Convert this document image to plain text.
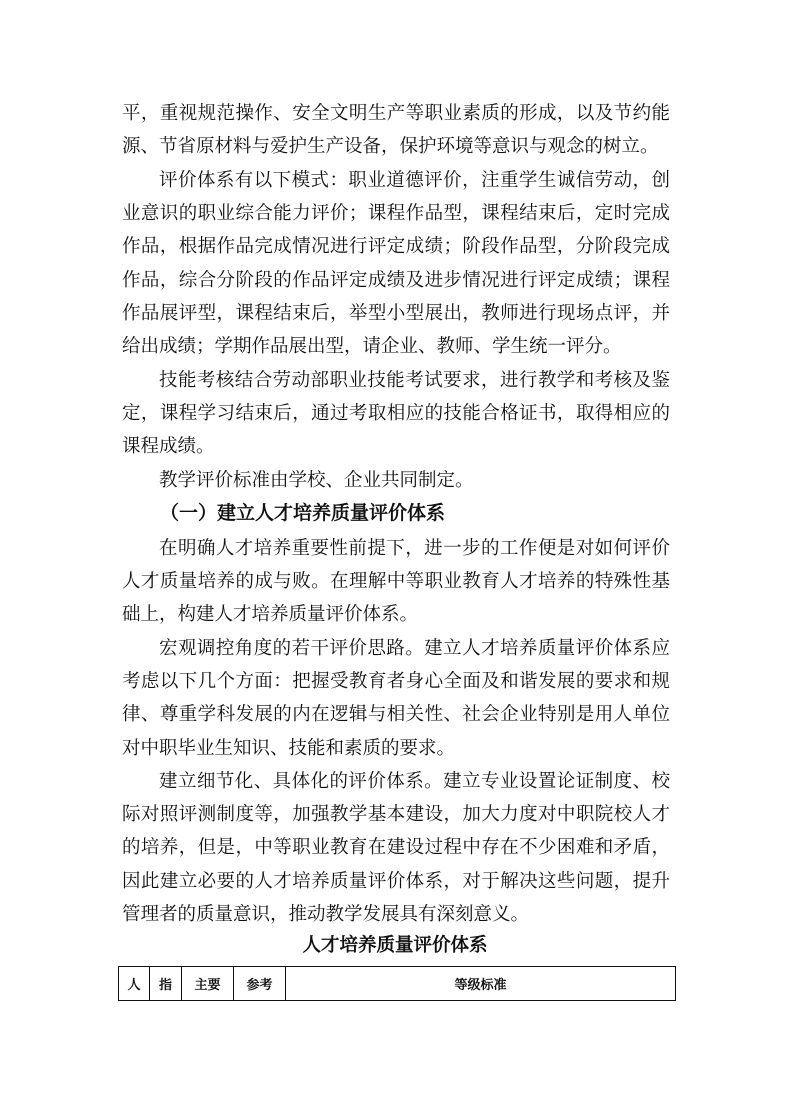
平，重视规范操作、安全文明生产等职业素质的形成，以及节约能源、节省原材料与爱护生产设备，保护环境等意识与观念的树立。

评价体系有以下模式：职业道德评价，注重学生诚信劳动，创业意识的职业综合能力评价；课程作品型，课程结束后，定时完成作品，根据作品完成情况进行评定成绩；阶段作品型，分阶段完成作品，综合分阶段的作品评定成绩及进步情况进行评定成绩；课程作品展评型，课程结束后，举型小型展出，教师进行现场点评，并给出成绩；学期作品展出型，请企业、教师、学生统一评分。

技能考核结合劳动部职业技能考试要求，进行教学和考核及鉴定，课程学习结束后，通过考取相应的技能合格证书，取得相应的课程成绩。

教学评价标准由学校、企业共同制定。

（一）建立人才培养质量评价体系

在明确人才培养重要性前提下，进一步的工作便是对如何评价人才质量培养的成与败。在理解中等职业教育人才培养的特殊性基础上，构建人才培养质量评价体系。

宏观调控角度的若干评价思路。建立人才培养质量评价体系应考虑以下几个方面：把握受教育者身心全面及和谐发展的要求和规律、尊重学科发展的内在逻辑与相关性、社会企业特别是用人单位对中职毕业生知识、技能和素质的要求。

建立细节化、具体化的评价体系。建立专业设置论证制度、校际对照评测制度等，加强教学基本建设，加大力度对中职院校人才的培养，但是，中等职业教育在建设过程中存在不少困难和矛盾，因此建立必要的人才培养质量评价体系，对于解决这些问题，提升管理者的质量意识，推动教学发展具有深刻意义。

人才培养质量评价体系
人	指	主要	参考	等级标准
